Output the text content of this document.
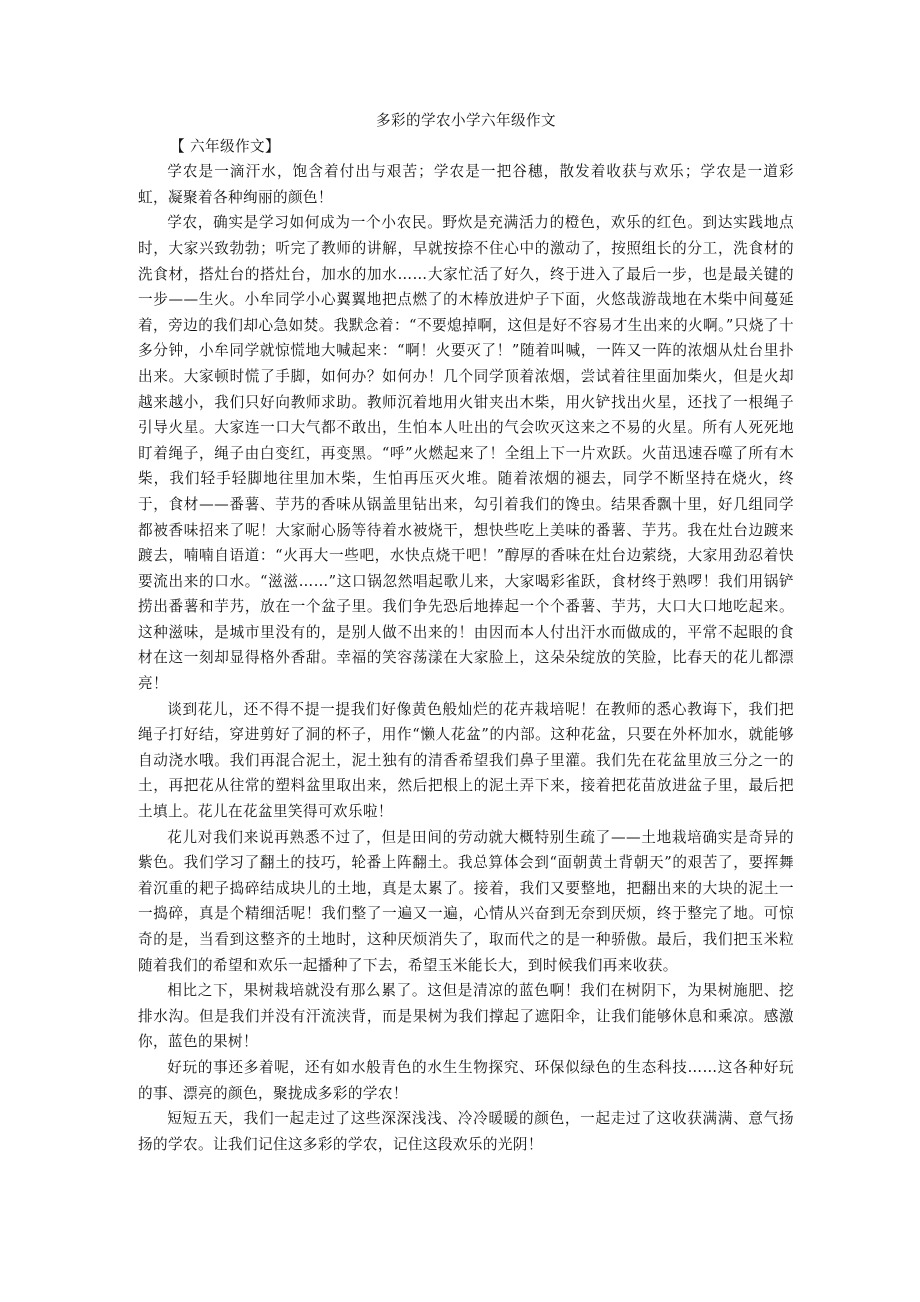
多彩的学农小学六年级作文

【 六年级作文】

学农是一滴汗水，饱含着付出与艰苦；学农是一把谷穗，散发着收获与欢乐；学农是一道彩虹，凝聚着各种绚丽的颜色！

学农，确实是学习如何成为一个小农民。野炊是充满活力的橙色，欢乐的红色。到达实践地点时，大家兴致勃勃；听完了教师的讲解，早就按捺不住心中的激动了，按照组长的分工，洗食材的洗食材，搭灶台的搭灶台，加水的加水……大家忙活了好久，终于进入了最后一步，也是最关键的一步——生火。小牟同学小心翼翼地把点燃了的木棒放进炉子下面，火悠哉游哉地在木柴中间蔓延着，旁边的我们却心急如焚。我默念着：“不要熄掉啊，这但是好不容易才生出来的火啊。”只烧了十多分钟，小牟同学就惊慌地大喊起来：“啊！火要灭了！”随着叫喊，一阵又一阵的浓烟从灶台里扑出来。大家顿时慌了手脚，如何办？如何办！几个同学顶着浓烟，尝试着往里面加柴火，但是火却越来越小，我们只好向教师求助。教师沉着地用火钳夹出木柴，用火铲找出火星，还找了一根绳子引导火星。大家连一口大气都不敢出，生怕本人吐出的气会吹灭这来之不易的火星。所有人死死地盯着绳子，绳子由白变红，再变黑。“呼”火燃起来了！全组上下一片欢跃。火苗迅速吞噬了所有木柴，我们轻手轻脚地往里加木柴，生怕再压灭火堆。随着浓烟的褪去，同学不断坚持在烧火，终于，食材——番薯、芋艿的香味从锅盖里钻出来，勾引着我们的馋虫。结果香飘十里，好几组同学都被香味招来了呢！大家耐心肠等待着水被烧干，想快些吃上美味的番薯、芋艿。我在灶台边踱来踱去，喃喃自语道：“火再大一些吧，水快点烧干吧！”醇厚的香味在灶台边萦绕，大家用劲忍着快要流出来的口水。“滋滋……”这口锅忽然唱起歌儿来，大家喝彩雀跃，食材终于熟啰！我们用锅铲捞出番薯和芋艿，放在一个盆子里。我们争先恐后地捧起一个个番薯、芋艿，大口大口地吃起来。这种滋味，是城市里没有的，是别人做不出来的！由因而本人付出汗水而做成的，平常不起眼的食材在这一刻却显得格外香甜。幸福的笑容荡漾在大家脸上，这朵朵绽放的笑脸，比春天的花儿都漂亮！

谈到花儿，还不得不提一提我们好像黄色般灿烂的花卉栽培呢！在教师的悉心教诲下，我们把绳子打好结，穿进剪好了洞的杯子，用作“懒人花盆”的内部。这种花盆，只要在外杯加水，就能够自动浇水哦。我们再混合泥土，泥土独有的清香希望我们鼻子里灌。我们先在花盆里放三分之一的土，再把花从往常的塑料盆里取出来，然后把根上的泥土弄下来，接着把花苗放进盆子里，最后把土填上。花儿在花盆里笑得可欢乐啦！

花儿对我们来说再熟悉不过了，但是田间的劳动就大概特别生疏了——土地栽培确实是奇异的紫色。我们学习了翻土的技巧，轮番上阵翻土。我总算体会到“面朝黄土背朝天”的艰苦了，要挥舞着沉重的耙子捣碎结成块儿的土地，真是太累了。接着，我们又要整地，把翻出来的大块的泥土一一捣碎，真是个精细活呢！我们整了一遍又一遍，心情从兴奋到无奈到厌烦，终于整完了地。可惊奇的是，当看到这整齐的土地时，这种厌烦消失了，取而代之的是一种骄傲。最后，我们把玉米粒随着我们的希望和欢乐一起播种了下去，希望玉米能长大，到时候我们再来收获。

相比之下，果树栽培就没有那么累了。这但是清凉的蓝色啊！我们在树阴下，为果树施肥、挖排水沟。但是我们并没有汗流浃背，而是果树为我们撑起了遮阳伞，让我们能够休息和乘凉。感激你，蓝色的果树！

好玩的事还多着呢，还有如水般青色的水生生物探究、环保似绿色的生态科技……这各种好玩的事、漂亮的颜色，聚拢成多彩的学农！

短短五天，我们一起走过了这些深深浅浅、冷冷暖暖的颜色，一起走过了这收获满满、意气扬扬的学农。让我们记住这多彩的学农，记住这段欢乐的光阴！
